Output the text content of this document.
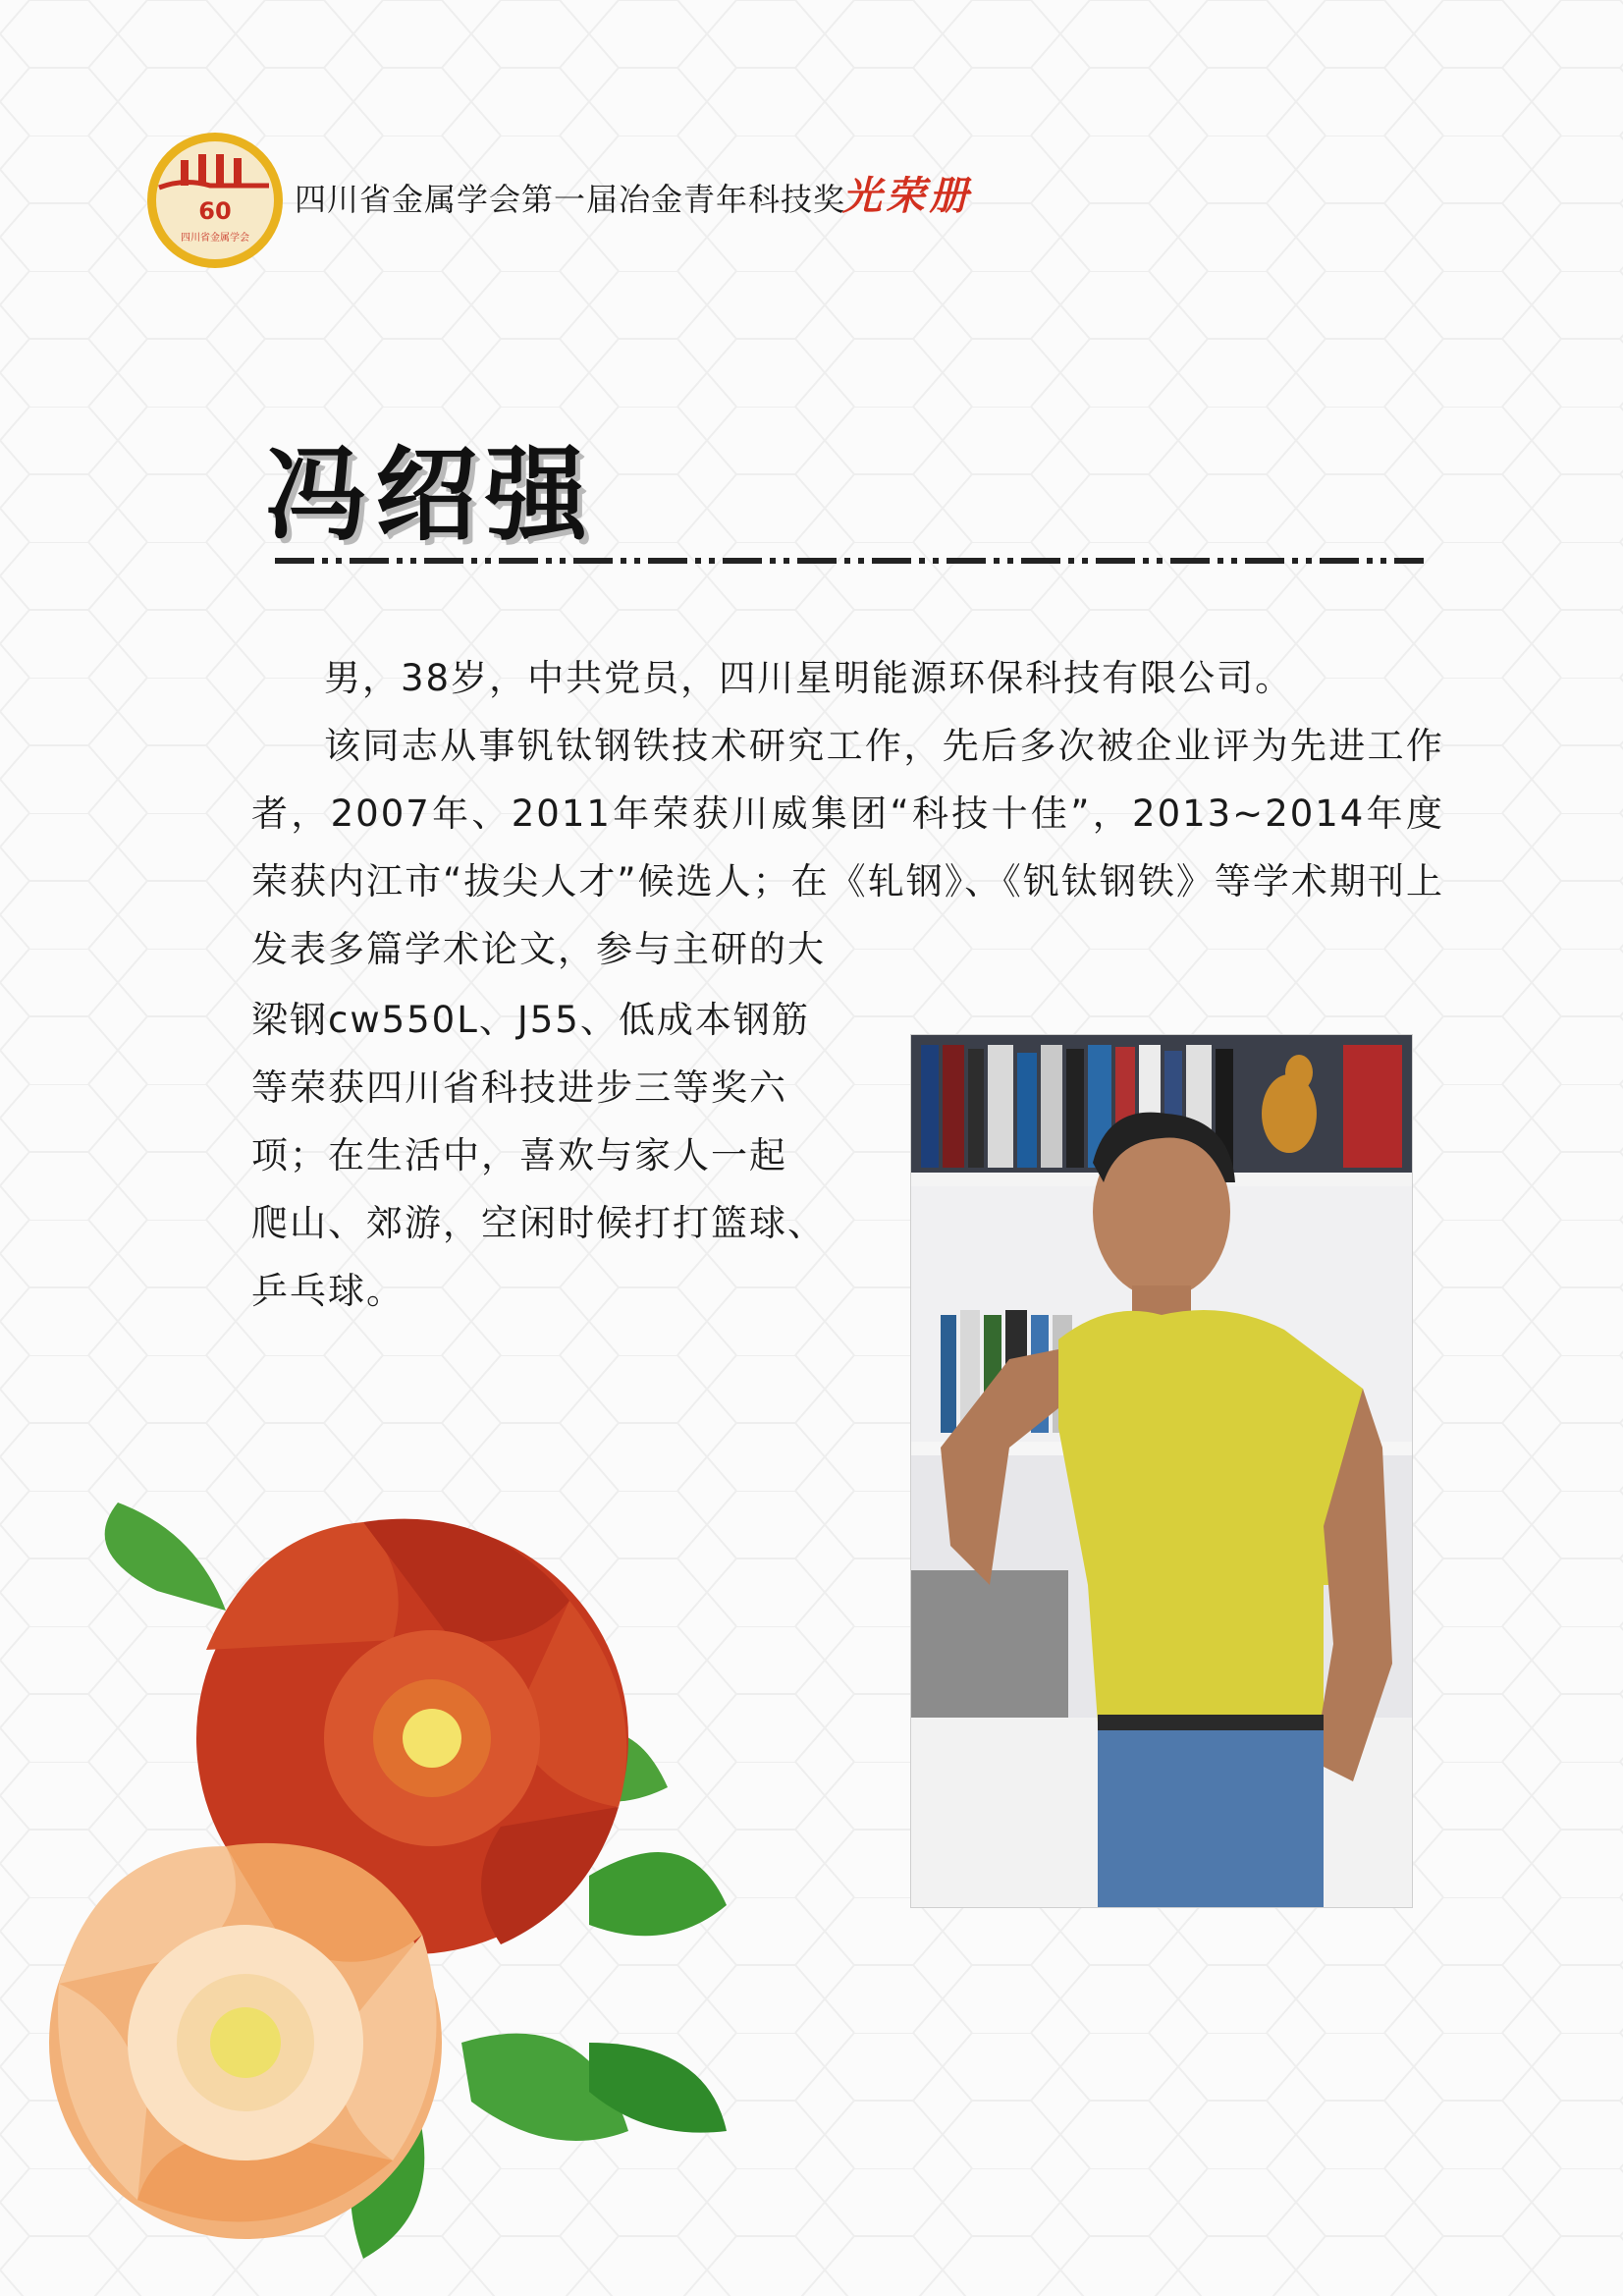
60
四川省金属学会
四川省金属学会第一届冶金青年科技奖
光荣册
冯绍强

男，38岁，中共党员，四川星明能源环保科技有限公司。

该同志从事钒钛钢铁技术研究工作，先后多次被企业评为先进工作者，2007年、2011年荣获川威集团“科技十佳”，2013~2014年度荣获内江市“拔尖人才”候选人；在《轧钢》、《钒钛钢铁》等学术期刊上发表多篇学术论文，参与主研的大

梁钢cw550L、J55、低成本钢筋

等荣获四川省科技进步三等奖六

项；在生活中，喜欢与家人一起

爬山、郊游，空闲时候打打篮球、

乒乓球。
